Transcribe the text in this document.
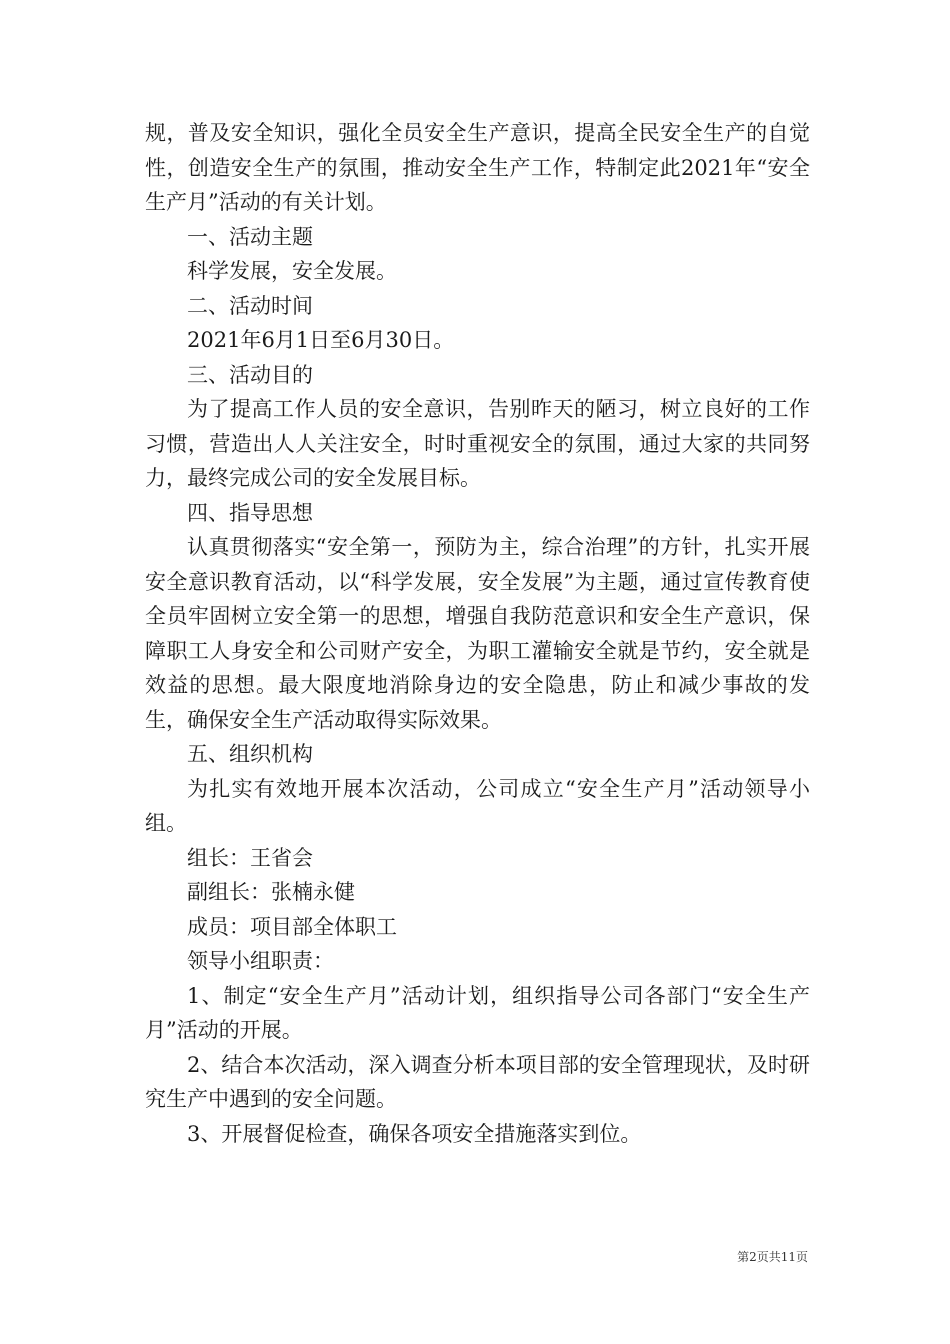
规，普及安全知识，强化全员安全生产意识，提高全民安全生产的自觉性，创造安全生产的氛围，推动安全生产工作，特制定此2021年“安全生产月”活动的有关计划。

一、活动主题

科学发展，安全发展。

二、活动时间

2021年6月1日至6月30日。

三、活动目的

为了提高工作人员的安全意识，告别昨天的陋习，树立良好的工作习惯，营造出人人关注安全，时时重视安全的氛围，通过大家的共同努力，最终完成公司的安全发展目标。

四、指导思想

认真贯彻落实“安全第一，预防为主，综合治理”的方针，扎实开展安全意识教育活动，以“科学发展，安全发展”为主题，通过宣传教育使全员牢固树立安全第一的思想，增强自我防范意识和安全生产意识，保障职工人身安全和公司财产安全，为职工灌输安全就是节约，安全就是效益的思想。最大限度地消除身边的安全隐患，防止和减少事故的发生，确保安全生产活动取得实际效果。

五、组织机构

为扎实有效地开展本次活动，公司成立“安全生产月”活动领导小组。

组长：王省会

副组长：张楠永健

成员：项目部全体职工

领导小组职责：

1、制定“安全生产月”活动计划，组织指导公司各部门“安全生产月”活动的开展。

2、结合本次活动，深入调查分析本项目部的安全管理现状，及时研究生产中遇到的安全问题。

3、开展督促检查，确保各项安全措施落实到位。

第2页共11页
